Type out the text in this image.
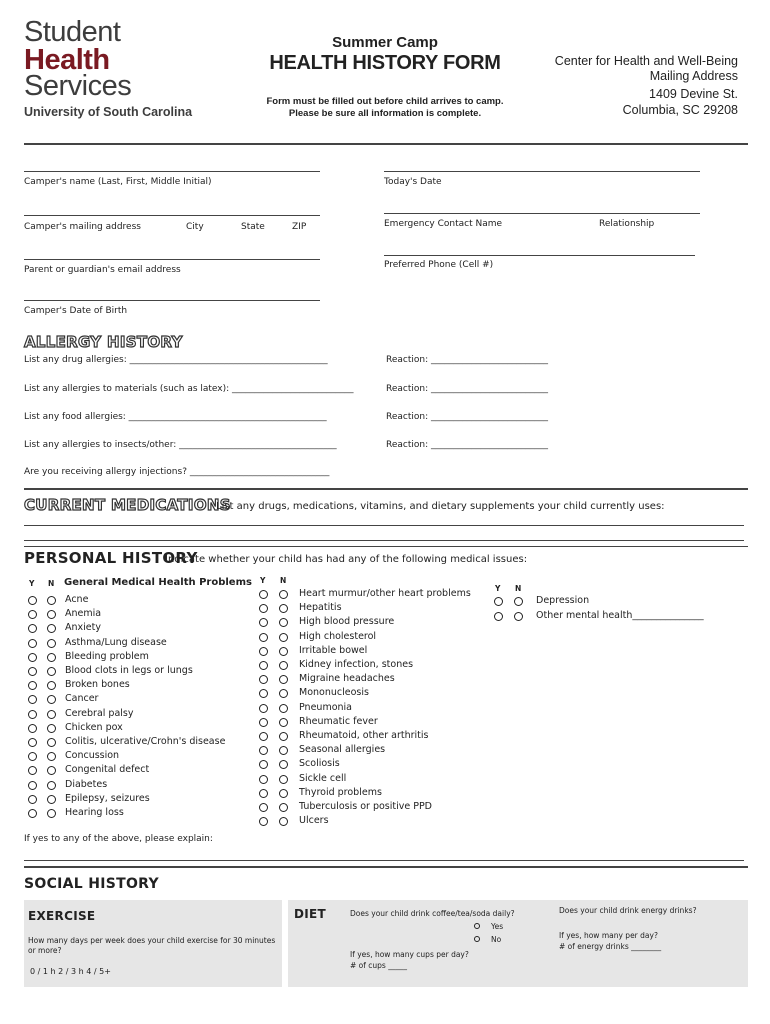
Student
Health
Services
University of South Carolina
Summer Camp
HEALTH HISTORY FORM
Form must be filled out before child arrives to camp.
Please be sure all information is complete.
Center for Health and Well-Being
Mailing Address
1409 Devine St.
Columbia, SC 29208
Camper's name (Last, First, Middle Initial)	Today's Date
Camper's mailing address	City	State	ZIP	Emergency Contact Name	Relationship
Parent or guardian's email address	Preferred Phone (Cell #)
Camper's Date of Birth
ALLERGY HISTORY
List any drug allergies: ____________________________________________	Reaction: __________________________
List any allergies to materials (such as latex): ___________________________	Reaction: __________________________
List any food allergies: ____________________________________________	Reaction: __________________________
List any allergies to insects/other: ___________________________________	Reaction: __________________________
Are you receiving allergy injections? _______________________________
CURRENT MEDICATIONS
List any drugs, medications, vitamins, and dietary supplements your child currently uses:
PERSONAL HISTORY
Indicate whether your child has had any of the following medical issues:
Y N General Medical Health Problems Y N
Y N
Acne
Anemia
Anxiety
Asthma/Lung disease
Bleeding problem
Blood clots in legs or lungs
Broken bones
Cancer
Cerebral palsy
Chicken pox
Colitis, ulcerative/Crohn's disease
Concussion
Congenital defect
Diabetes
Epilepsy, seizures
Hearing loss
Heart murmur/other heart problems
Hepatitis
High blood pressure
High cholesterol
Irritable bowel
Kidney infection, stones
Migraine headaches
Mononucleosis
Pneumonia
Rheumatic fever
Rheumatoid, other arthritis
Seasonal allergies
Scoliosis
Sickle cell
Thyroid problems
Tuberculosis or positive PPD
Ulcers
Depression
Other mental health_______________
If yes to any of the above, please explain:
SOCIAL HISTORY
EXERCISE
How many days per week does your child exercise for 30 minutes
or more?
0 / 1 h 2 / 3 h 4 / 5+
DIET	Does your child drink coffee/tea/soda daily?
Yes
No
If yes, how many cups per day?
# of cups _____
Does your child drink energy drinks?
If yes, how many per day?
# of energy drinks ________
